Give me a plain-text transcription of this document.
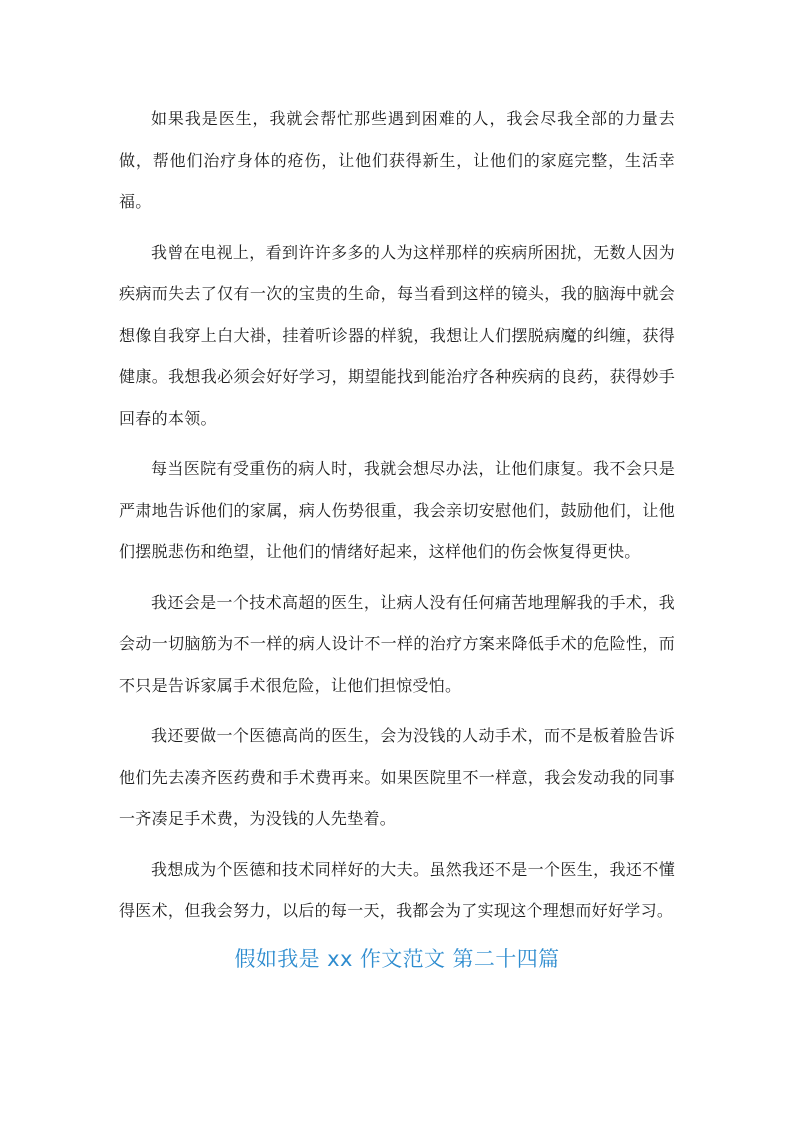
如果我是医生，我就会帮忙那些遇到困难的人，我会尽我全部的力量去做，帮他们治疗身体的疮伤，让他们获得新生，让他们的家庭完整，生活幸福。

我曾在电视上，看到许许多多的人为这样那样的疾病所困扰，无数人因为疾病而失去了仅有一次的宝贵的生命，每当看到这样的镜头，我的脑海中就会想像自我穿上白大褂，挂着听诊器的样貌，我想让人们摆脱病魔的纠缠，获得健康。我想我必须会好好学习，期望能找到能治疗各种疾病的良药，获得妙手回春的本领。

每当医院有受重伤的病人时，我就会想尽办法，让他们康复。我不会只是严肃地告诉他们的家属，病人伤势很重，我会亲切安慰他们，鼓励他们，让他们摆脱悲伤和绝望，让他们的情绪好起来，这样他们的伤会恢复得更快。

我还会是一个技术高超的医生，让病人没有任何痛苦地理解我的手术，我会动一切脑筋为不一样的病人设计不一样的治疗方案来降低手术的危险性，而不只是告诉家属手术很危险，让他们担惊受怕。

我还要做一个医德高尚的医生，会为没钱的人动手术，而不是板着脸告诉他们先去凑齐医药费和手术费再来。如果医院里不一样意，我会发动我的同事一齐凑足手术费，为没钱的人先垫着。

我想成为个医德和技术同样好的大夫。虽然我还不是一个医生，我还不懂得医术，但我会努力，以后的每一天，我都会为了实现这个理想而好好学习。

假如我是 xx 作文范文 第二十四篇
